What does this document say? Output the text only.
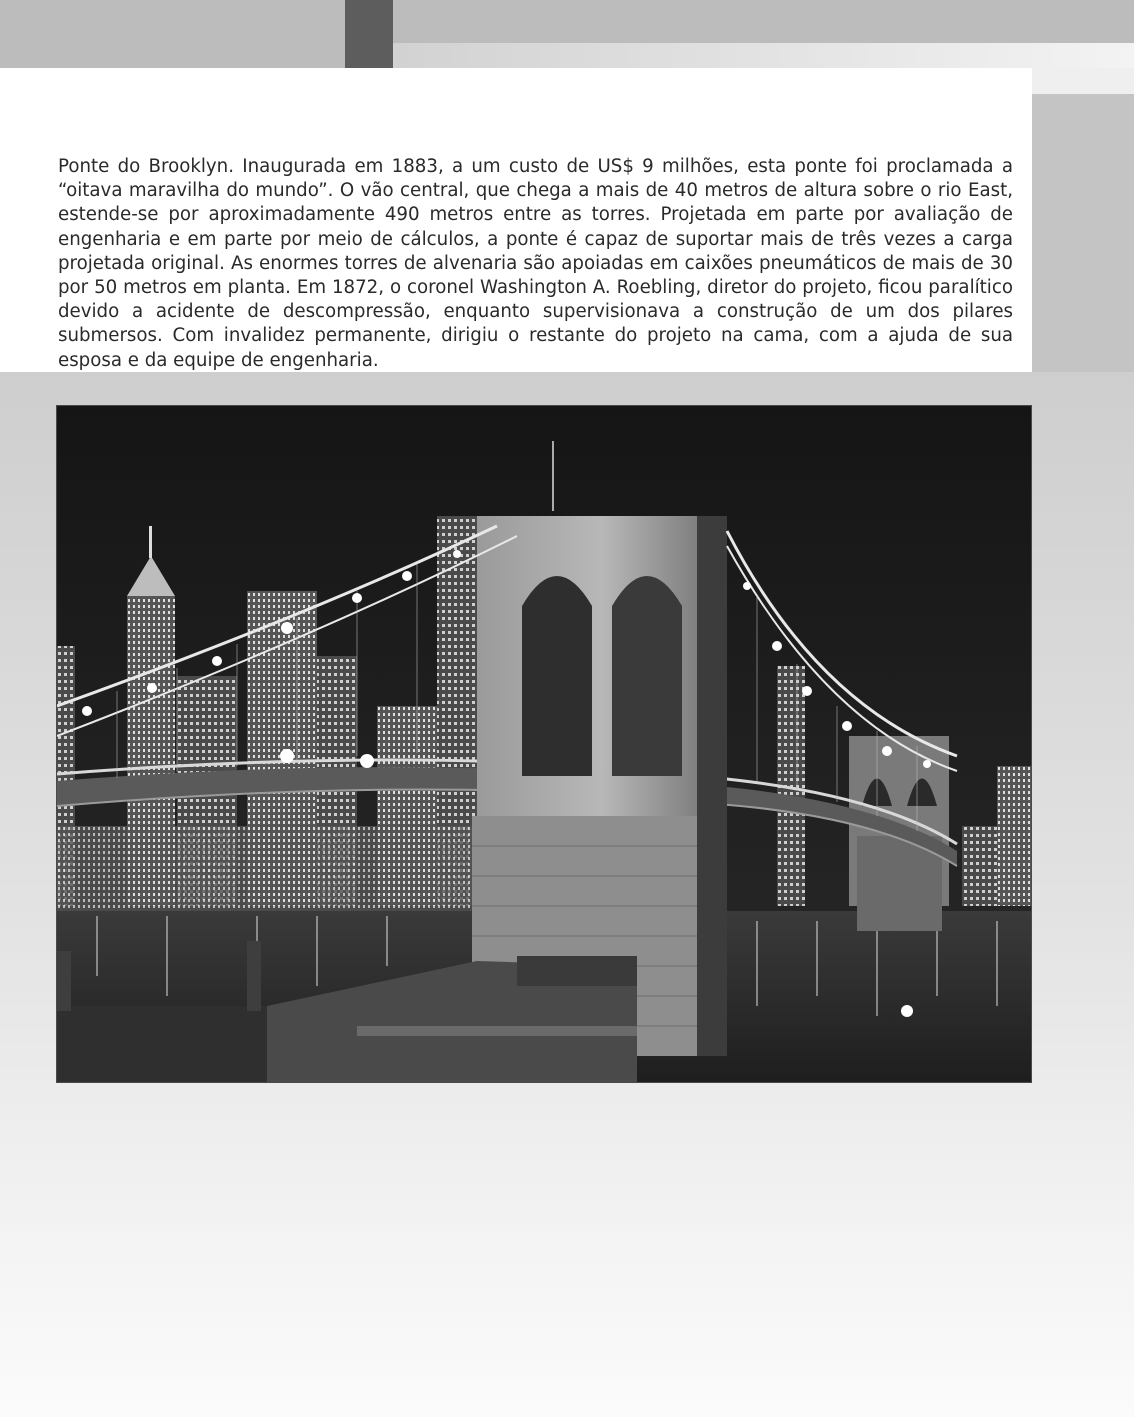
Ponte do Brooklyn. Inaugurada em 1883, a um custo de US$ 9 milhões, esta ponte foi proclamada a “oitava maravilha do mundo”. O vão central, que chega a mais de 40 metros de altura sobre o rio East, estende-se por aproximadamente 490 metros entre as torres. Projetada em parte por avaliação de engenharia e em parte por meio de cálculos, a ponte é capaz de suportar mais de três vezes a carga projetada original. As enormes torres de alvenaria são apoiadas em caixões pneumáticos de mais de 30 por 50 metros em planta. Em 1872, o coronel Washington A. Roebling, diretor do projeto, ficou paralítico devido a acidente de descompressão, enquanto supervisionava a construção de um dos pilares submersos. Com invalidez permanente, dirigiu o restante do projeto na cama, com a ajuda de sua esposa e da equipe de engenharia.
